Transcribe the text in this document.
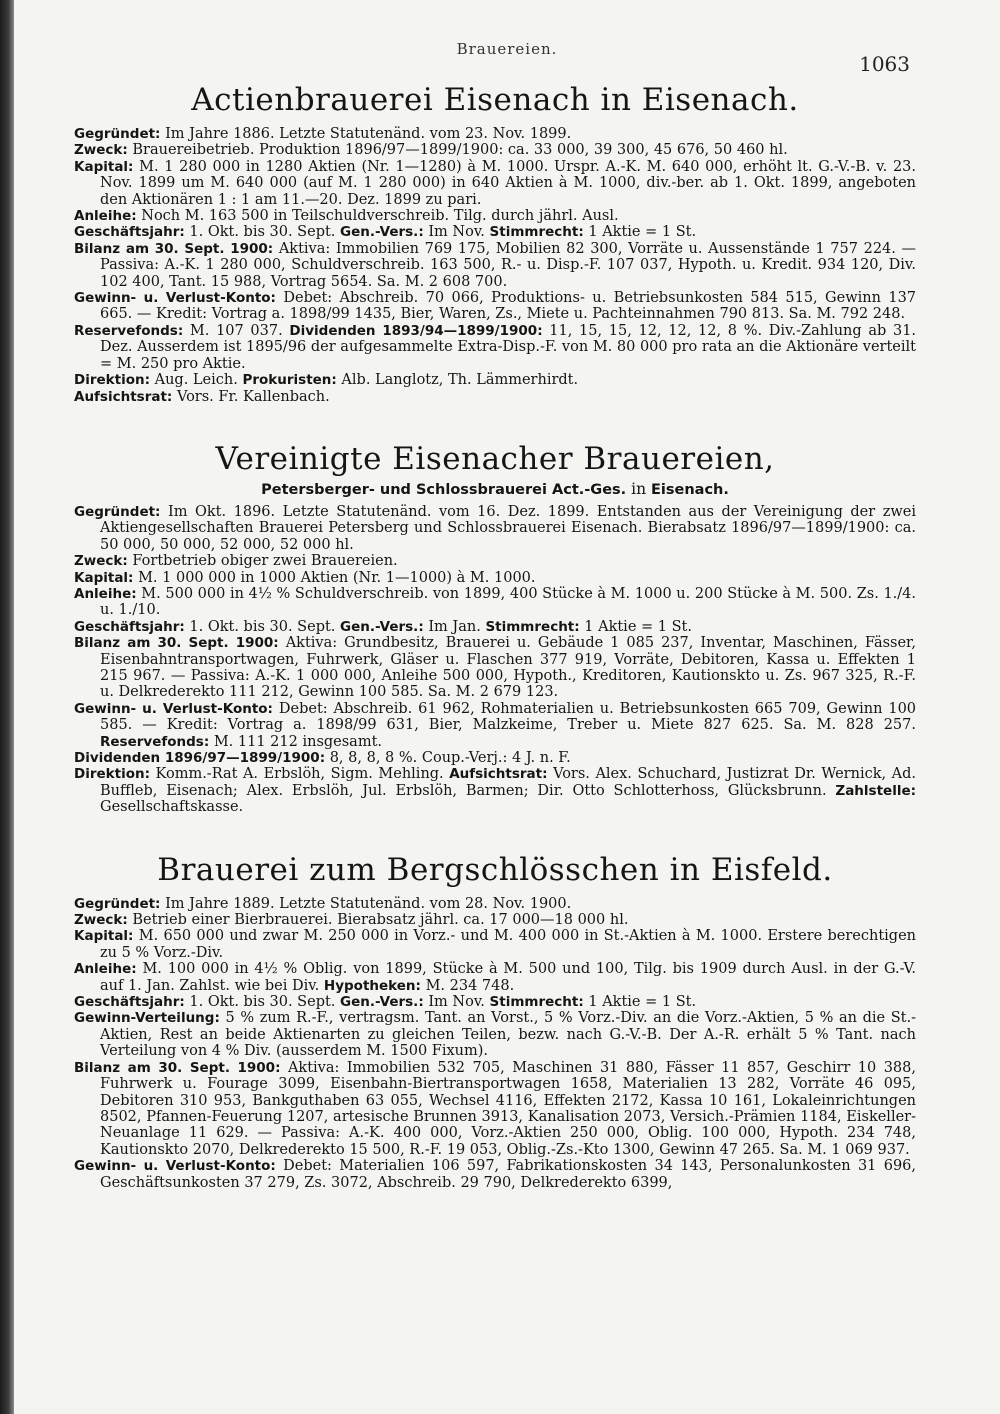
Brauereien.
1063
Actienbrauerei Eisenach in Eisenach.

Gegründet: Im Jahre 1886. Letzte Statutenänd. vom 23. Nov. 1899.

Zweck: Brauereibetrieb. Produktion 1896/97—1899/1900: ca. 33 000, 39 300, 45 676, 50 460 hl.

Kapital: M. 1 280 000 in 1280 Aktien (Nr. 1—1280) à M. 1000. Urspr. A.-K. M. 640 000, erhöht lt. G.-V.-B. v. 23. Nov. 1899 um M. 640 000 (auf M. 1 280 000) in 640 Aktien à M. 1000, div.-ber. ab 1. Okt. 1899, angeboten den Aktionären 1 : 1 am 11.—20. Dez. 1899 zu pari.

Anleihe: Noch M. 163 500 in Teilschuldverschreib. Tilg. durch jährl. Ausl.

Geschäftsjahr: 1. Okt. bis 30. Sept. Gen.-Vers.: Im Nov. Stimmrecht: 1 Aktie = 1 St.

Bilanz am 30. Sept. 1900: Aktiva: Immobilien 769 175, Mobilien 82 300, Vorräte u. Aussenstände 1 757 224. — Passiva: A.-K. 1 280 000, Schuldverschreib. 163 500, R.- u. Disp.-F. 107 037, Hypoth. u. Kredit. 934 120, Div. 102 400, Tant. 15 988, Vortrag 5654. Sa. M. 2 608 700.

Gewinn- u. Verlust-Konto: Debet: Abschreib. 70 066, Produktions- u. Betriebsunkosten 584 515, Gewinn 137 665. — Kredit: Vortrag a. 1898/99 1435, Bier, Waren, Zs., Miete u. Pachteinnahmen 790 813. Sa. M. 792 248.

Reservefonds: M. 107 037. Dividenden 1893/94—1899/1900: 11, 15, 15, 12, 12, 12, 8 %. Div.-Zahlung ab 31. Dez. Ausserdem ist 1895/96 der aufgesammelte Extra-Disp.-F. von M. 80 000 pro rata an die Aktionäre verteilt = M. 250 pro Aktie.

Direktion: Aug. Leich. Prokuristen: Alb. Langlotz, Th. Lämmerhirdt.

Aufsichtsrat: Vors. Fr. Kallenbach.

Vereinigte Eisenacher Brauereien,
Petersberger- und Schlossbrauerei Act.-Ges. in Eisenach.

Gegründet: Im Okt. 1896. Letzte Statutenänd. vom 16. Dez. 1899. Entstanden aus der Vereinigung der zwei Aktiengesellschaften Brauerei Petersberg und Schlossbrauerei Eisenach. Bierabsatz 1896/97—1899/1900: ca. 50 000, 50 000, 52 000, 52 000 hl.

Zweck: Fortbetrieb obiger zwei Brauereien.

Kapital: M. 1 000 000 in 1000 Aktien (Nr. 1—1000) à M. 1000.

Anleihe: M. 500 000 in 4½ % Schuldverschreib. von 1899, 400 Stücke à M. 1000 u. 200 Stücke à M. 500. Zs. 1./4. u. 1./10.

Geschäftsjahr: 1. Okt. bis 30. Sept. Gen.-Vers.: Im Jan. Stimmrecht: 1 Aktie = 1 St.

Bilanz am 30. Sept. 1900: Aktiva: Grundbesitz, Brauerei u. Gebäude 1 085 237, Inventar, Maschinen, Fässer, Eisenbahntransportwagen, Fuhrwerk, Gläser u. Flaschen 377 919, Vorräte, Debitoren, Kassa u. Effekten 1 215 967. — Passiva: A.-K. 1 000 000, Anleihe 500 000, Hypoth., Kreditoren, Kautionskto u. Zs. 967 325, R.-F. u. Delkrederekto 111 212, Gewinn 100 585. Sa. M. 2 679 123.

Gewinn- u. Verlust-Konto: Debet: Abschreib. 61 962, Rohmaterialien u. Betriebsunkosten 665 709, Gewinn 100 585. — Kredit: Vortrag a. 1898/99 631, Bier, Malzkeime, Treber u. Miete 827 625. Sa. M. 828 257. Reservefonds: M. 111 212 insgesamt.

Dividenden 1896/97—1899/1900: 8, 8, 8, 8 %. Coup.-Verj.: 4 J. n. F.

Direktion: Komm.-Rat A. Erbslöh, Sigm. Mehling. Aufsichtsrat: Vors. Alex. Schuchard, Justizrat Dr. Wernick, Ad. Buffleb, Eisenach; Alex. Erbslöh, Jul. Erbslöh, Barmen; Dir. Otto Schlotterhoss, Glücksbrunn. Zahlstelle: Gesellschaftskasse.

Brauerei zum Bergschlösschen in Eisfeld.

Gegründet: Im Jahre 1889. Letzte Statutenänd. vom 28. Nov. 1900.

Zweck: Betrieb einer Bierbrauerei. Bierabsatz jährl. ca. 17 000—18 000 hl.

Kapital: M. 650 000 und zwar M. 250 000 in Vorz.- und M. 400 000 in St.-Aktien à M. 1000. Erstere berechtigen zu 5 % Vorz.-Div.

Anleihe: M. 100 000 in 4½ % Oblig. von 1899, Stücke à M. 500 und 100, Tilg. bis 1909 durch Ausl. in der G.-V. auf 1. Jan. Zahlst. wie bei Div. Hypotheken: M. 234 748.

Geschäftsjahr: 1. Okt. bis 30. Sept. Gen.-Vers.: Im Nov. Stimmrecht: 1 Aktie = 1 St.

Gewinn-Verteilung: 5 % zum R.-F., vertragsm. Tant. an Vorst., 5 % Vorz.-Div. an die Vorz.-Aktien, 5 % an die St.-Aktien, Rest an beide Aktienarten zu gleichen Teilen, bezw. nach G.-V.-B. Der A.-R. erhält 5 % Tant. nach Verteilung von 4 % Div. (ausserdem M. 1500 Fixum).

Bilanz am 30. Sept. 1900: Aktiva: Immobilien 532 705, Maschinen 31 880, Fässer 11 857, Geschirr 10 388, Fuhrwerk u. Fourage 3099, Eisenbahn-Biertransportwagen 1658, Materialien 13 282, Vorräte 46 095, Debitoren 310 953, Bankguthaben 63 055, Wechsel 4116, Effekten 2172, Kassa 10 161, Lokaleinrichtungen 8502, Pfannen-Feuerung 1207, artesische Brunnen 3913, Kanalisation 2073, Versich.-Prämien 1184, Eiskeller-Neuanlage 11 629. — Passiva: A.-K. 400 000, Vorz.-Aktien 250 000, Oblig. 100 000, Hypoth. 234 748, Kautionskto 2070, Delkrederekto 15 500, R.-F. 19 053, Oblig.-Zs.-Kto 1300, Gewinn 47 265. Sa. M. 1 069 937.

Gewinn- u. Verlust-Konto: Debet: Materialien 106 597, Fabrikationskosten 34 143, Personalunkosten 31 696, Geschäftsunkosten 37 279, Zs. 3072, Abschreib. 29 790, Delkrederekto 6399,
